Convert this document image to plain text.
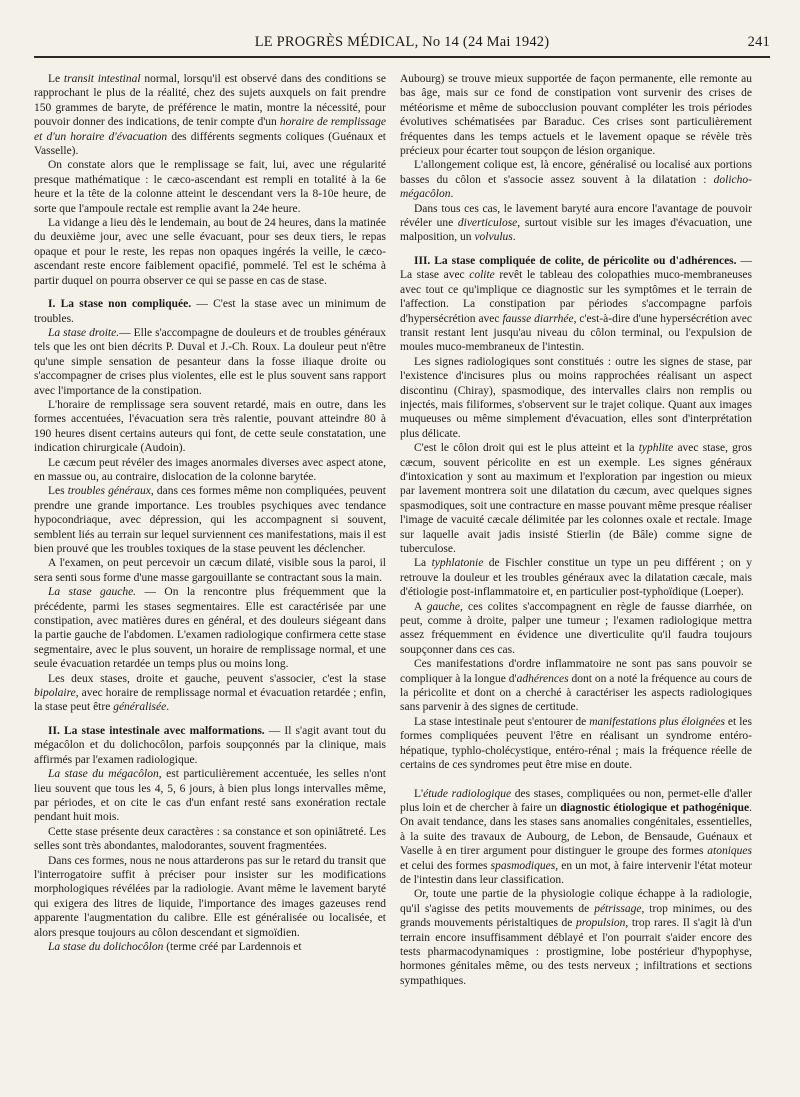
LE PROGRÈS MÉDICAL, No 14 (24 Mai 1942)	241

Le transit intestinal normal, lorsqu'il est observé dans des conditions se rapprochant le plus de la réalité, chez des sujets auxquels on fait prendre 150 grammes de baryte, de préférence le matin, montre la nécessité, pour pouvoir donner des indications, de tenir compte d'un horaire de remplissage et d'un horaire d'évacuation des différents segments coliques (Guénaux et Vasselle).

On constate alors que le remplissage se fait, lui, avec une régularité presque mathématique : le cæco-ascendant est rempli en totalité à la 6e heure et la tête de la colonne atteint le descendant vers la 8-10e heure, de sorte que l'ampoule rectale est remplie avant la 24e heure.

La vidange a lieu dès le lendemain, au bout de 24 heures, dans la matinée du deuxième jour, avec une selle évacuant, pour ses deux tiers, le repas opaque et pour le reste, les repas non opaques ingérés la veille, le cæco-ascendant reste encore faiblement opacifié, pommelé. Tel est le schéma à partir duquel on pourra observer ce qui se passe en cas de stase.

I. La stase non compliquée. — C'est la stase avec un minimum de troubles.

La stase droite.— Elle s'accompagne de douleurs et de troubles généraux tels que les ont bien décrits P. Duval et J.-Ch. Roux. La douleur peut n'être qu'une simple sensation de pesanteur dans la fosse iliaque droite ou s'accompagner de crises plus violentes, elle est le plus souvent sans rapport avec l'importance de la constipation.

L'horaire de remplissage sera souvent retardé, mais en outre, dans les formes accentuées, l'évacuation sera très ralentie, pouvant atteindre 80 à 190 heures disent certains auteurs qui font, de cette seule constatation, une indication chirurgicale (Audoin).

Le cæcum peut révéler des images anormales diverses avec aspect atone, en massue ou, au contraire, dislocation de la colonne barytée.

Les troubles généraux, dans ces formes même non compliquées, peuvent prendre une grande importance. Les troubles psychiques avec tendance hypocondriaque, avec dépression, qui les accompagnent si souvent, semblent liés au terrain sur lequel surviennent ces manifestations, mais il est bien prouvé que les troubles toxiques de la stase peuvent les déclencher.

A l'examen, on peut percevoir un cæcum dilaté, visible sous la paroi, il sera senti sous forme d'une masse gargouillante se contractant sous la main.

La stase gauche. — On la rencontre plus fréquemment que la précédente, parmi les stases segmentaires. Elle est caractérisée par une constipation, avec matières dures en général, et des douleurs siégeant dans la partie gauche de l'abdomen. L'examen radiologique confirmera cette stase segmentaire, avec le plus souvent, un horaire de remplissage normal, et une seule évacuation retardée un temps plus ou moins long.

Les deux stases, droite et gauche, peuvent s'associer, c'est la stase bipolaire, avec horaire de remplissage normal et évacuation retardée ; enfin, la stase peut être généralisée.

II. La stase intestinale avec malformations. — Il s'agit avant tout du mégacôlon et du dolichocôlon, parfois soupçonnés par la clinique, mais affirmés par l'examen radiologique.

La stase du mégacôlon, est particulièrement accentuée, les selles n'ont lieu souvent que tous les 4, 5, 6 jours, à bien plus longs intervalles même, par périodes, et on cite le cas d'un enfant resté sans exonération rectale pendant huit mois.

Cette stase présente deux caractères : sa constance et son opiniâtreté. Les selles sont très abondantes, malodorantes, souvent fragmentées.

Dans ces formes, nous ne nous attarderons pas sur le retard du transit que l'interrogatoire suffit à préciser pour insister sur les modifications morphologiques révélées par la radiologie. Avant même le lavement baryté qui exigera des litres de liquide, l'importance des images gazeuses rend apparente l'augmentation du calibre. Elle est généralisée ou localisée, et alors presque toujours au côlon descendant et sigmoïdien.

La stase du dolichocôlon (terme créé par Lardennois et

Aubourg) se trouve mieux supportée de façon permanente, elle remonte au bas âge, mais sur ce fond de constipation vont survenir des crises de météorisme et même de subocclusion pouvant compléter les trois périodes évolutives schématisées par Baraduc. Ces crises sont particulièrement fréquentes dans les temps actuels et le lavement opaque se révèle très précieux pour écarter tout soupçon de lésion organique.

L'allongement colique est, là encore, généralisé ou localisé aux portions basses du côlon et s'associe assez souvent à la dilatation : dolicho-mégacôlon.

Dans tous ces cas, le lavement baryté aura encore l'avantage de pouvoir révéler une diverticulose, surtout visible sur les images d'évacuation, une malposition, un volvulus.

III. La stase compliquée de colite, de péricolite ou d'adhérences. — La stase avec colite revêt le tableau des colopathies muco-membraneuses avec tout ce qu'implique ce diagnostic sur les symptômes et le terrain de l'affection. La constipation par périodes s'accompagne parfois d'hypersécrétion avec fausse diarrhée, c'est-à-dire d'une hypersécrétion avec transit restant lent jusqu'au niveau du côlon terminal, ou l'expulsion de moules muco-membraneux de l'intestin.

Les signes radiologiques sont constitués : outre les signes de stase, par l'existence d'incisures plus ou moins rapprochées réalisant un aspect discontinu (Chiray), spasmodique, des intervalles clairs non remplis ou injectés, mais filiformes, s'observent sur le trajet colique. Quant aux images muqueuses ou même simplement d'évacuation, elles sont d'interprétation plus délicate.

C'est le côlon droit qui est le plus atteint et la typhlite avec stase, gros cæcum, souvent péricolite en est un exemple. Les signes généraux d'intoxication y sont au maximum et l'exploration par ingestion ou mieux par lavement montrera soit une dilatation du cæcum, avec quelques signes spasmodiques, soit une contracture en masse pouvant même presque réaliser l'image de vacuité cæcale délimitée par les colonnes oxale et rectale. Image sur laquelle avait jadis insisté Stierlin (de Bâle) comme signe de tuberculose.

La typhlatonie de Fischler constitue un type un peu différent ; on y retrouve la douleur et les troubles généraux avec la dilatation cæcale, mais d'étiologie post-inflammatoire et, en particulier post-typhoïdique (Loeper).

A gauche, ces colites s'accompagnent en règle de fausse diarrhée, on peut, comme à droite, palper une tumeur ; l'examen radiologique mettra assez fréquemment en évidence une diverticulite qu'il faudra toujours soupçonner dans ces cas.

Ces manifestations d'ordre inflammatoire ne sont pas sans pouvoir se compliquer à la longue d'adhérences dont on a noté la fréquence au cours de la péricolite et dont on a cherché à caractériser les aspects radiologiques sans parvenir à des signes de certitude.

La stase intestinale peut s'entourer de manifestations plus éloignées et les formes compliquées peuvent l'être en réalisant un syndrome entéro-hépatique, typhlo-cholécystique, entéro-rénal ; mais la fréquence réelle de certains de ces syndromes peut être mise en doute.

L'étude radiologique des stases, compliquées ou non, permet-elle d'aller plus loin et de chercher à faire un diagnostic étiologique et pathogénique. On avait tendance, dans les stases sans anomalies congénitales, essentielles, à la suite des travaux de Aubourg, de Lebon, de Bensaude, Guénaux et Vaselle à en tirer argument pour distinguer le groupe des formes atoniques et celui des formes spasmodiques, en un mot, à faire intervenir l'état moteur de l'intestin dans leur classification.

Or, toute une partie de la physiologie colique échappe à la radiologie, qu'il s'agisse des petits mouvements de pétrissage, trop minimes, ou des grands mouvements péristaltiques de propulsion, trop rares. Il s'agit là d'un terrain encore insuffisamment déblayé et l'on pourrait s'aider encore des tests pharmacodynamiques : prostigmine, lobe postérieur d'hypophyse, hormones génitales même, ou des tests nerveux ; infiltrations et sections sympathiques.
